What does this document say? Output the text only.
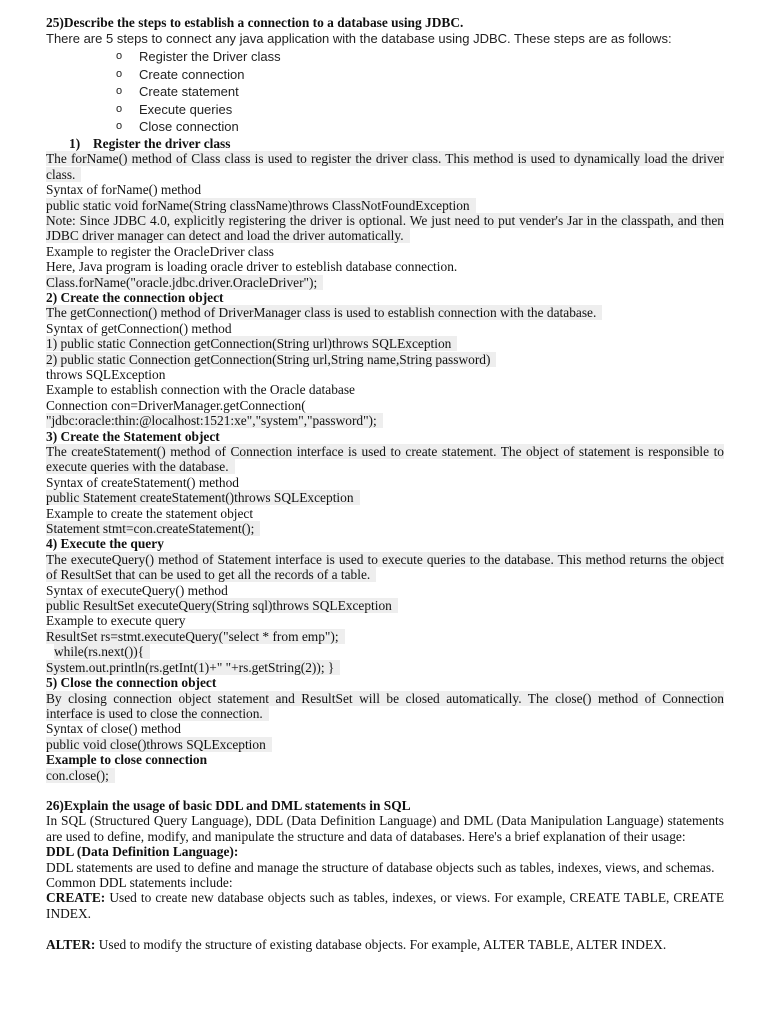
25)Describe the steps to establish a connection to a database using JDBC.
There are 5 steps to connect any java application with the database using JDBC. These steps are as follows:
o Register the Driver class
o Create connection
o Create statement
o Execute queries
o Close connection
1) Register the driver class
The forName() method of Class class is used to register the driver class. This method is used to dynamically load the driver class.
Syntax of forName() method
public static void forName(String className)throws ClassNotFoundException
Note: Since JDBC 4.0, explicitly registering the driver is optional. We just need to put vender's Jar in the classpath, and then JDBC driver manager can detect and load the driver automatically.
Example to register the OracleDriver class
Here, Java program is loading oracle driver to esteblish database connection.
Class.forName("oracle.jdbc.driver.OracleDriver");
2) Create the connection object
The getConnection() method of DriverManager class is used to establish connection with the database.
Syntax of getConnection() method
1) public static Connection getConnection(String url)throws SQLException
2) public static Connection getConnection(String url,String name,String password)
throws SQLException
Example to establish connection with the Oracle database
Connection con=DriverManager.getConnection(
"jdbc:oracle:thin:@localhost:1521:xe","system","password");
3) Create the Statement object
The createStatement() method of Connection interface is used to create statement. The object of statement is responsible to execute queries with the database.
Syntax of createStatement() method
public Statement createStatement()throws SQLException
Example to create the statement object
Statement stmt=con.createStatement();
4) Execute the query
The executeQuery() method of Statement interface is used to execute queries to the database. This method returns the object of ResultSet that can be used to get all the records of a table.
Syntax of executeQuery() method
public ResultSet executeQuery(String sql)throws SQLException
Example to execute query
ResultSet rs=stmt.executeQuery("select * from emp");
while(rs.next()){
System.out.println(rs.getInt(1)+" "+rs.getString(2)); }
5) Close the connection object
By closing connection object statement and ResultSet will be closed automatically. The close() method of Connection interface is used to close the connection.
Syntax of close() method
public void close()throws SQLException
Example to close connection
con.close();
26)Explain the usage of basic DDL and DML statements in SQL
In SQL (Structured Query Language), DDL (Data Definition Language) and DML (Data Manipulation Language) statements are used to define, modify, and manipulate the structure and data of databases. Here's a brief explanation of their usage:
DDL (Data Definition Language):
DDL statements are used to define and manage the structure of database objects such as tables, indexes, views, and schemas.
Common DDL statements include:
CREATE: Used to create new database objects such as tables, indexes, or views. For example, CREATE TABLE, CREATE INDEX.
ALTER: Used to modify the structure of existing database objects. For example, ALTER TABLE, ALTER INDEX.
